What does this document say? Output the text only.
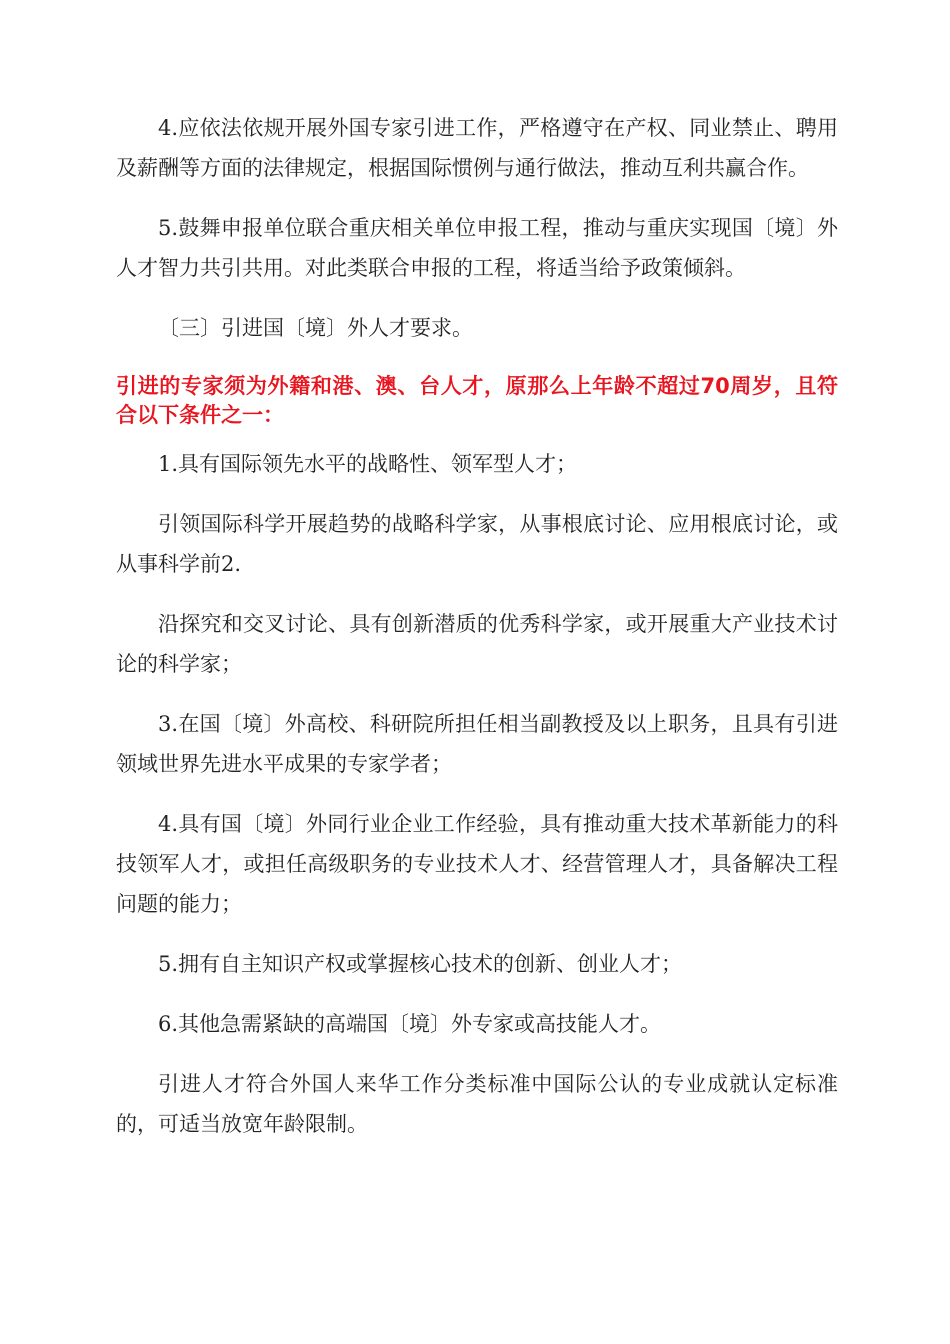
4.应依法依规开展外国专家引进工作，严格遵守在产权、同业禁止、聘用及薪酬等方面的法律规定，根据国际惯例与通行做法，推动互利共赢合作。

5.鼓舞申报单位联合重庆相关单位申报工程，推动与重庆实现国〔境〕外人才智力共引共用。对此类联合申报的工程，将适当给予政策倾斜。

〔三〕引进国〔境〕外人才要求。

引进的专家须为外籍和港、澳、台人才，原那么上年龄不超过70周岁，且符合以下条件之一：

1.具有国际领先水平的战略性、领军型人才；

引领国际科学开展趋势的战略科学家，从事根底讨论、应用根底讨论，或从事科学前2.

沿探究和交叉讨论、具有创新潜质的优秀科学家，或开展重大产业技术讨论的科学家；

3.在国〔境〕外高校、科研院所担任相当副教授及以上职务，且具有引进领域世界先进水平成果的专家学者；

4.具有国〔境〕外同行业企业工作经验，具有推动重大技术革新能力的科技领军人才，或担任高级职务的专业技术人才、经营管理人才，具备解决工程问题的能力；

5.拥有自主知识产权或掌握核心技术的创新、创业人才；

6.其他急需紧缺的高端国〔境〕外专家或高技能人才。

引进人才符合外国人来华工作分类标准中国际公认的专业成就认定标准的，可适当放宽年龄限制。
